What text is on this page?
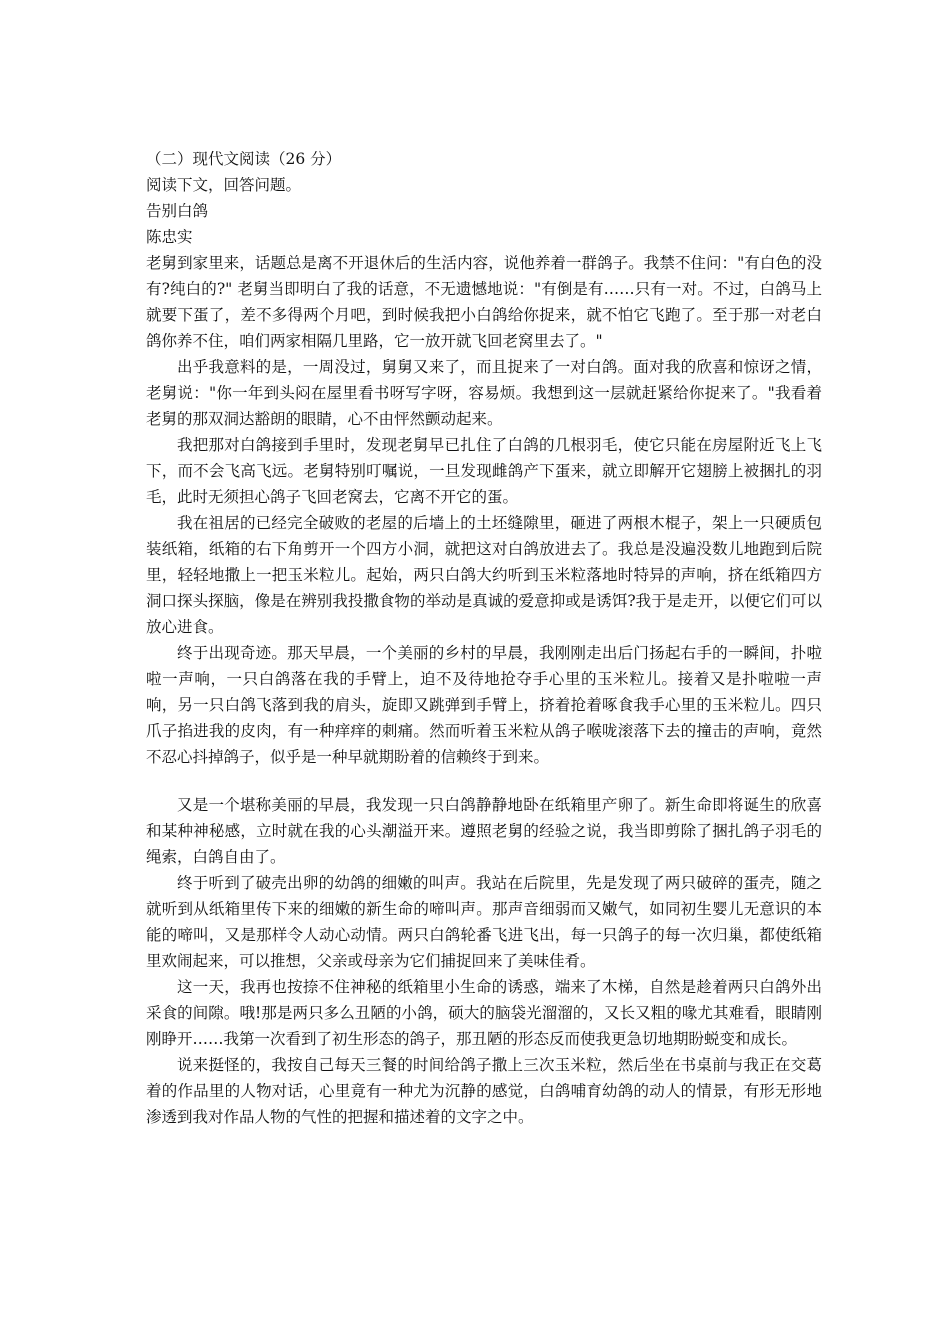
（二）现代文阅读（26 分）

阅读下文，回答问题。

告别白鸽

陈忠实

老舅到家里来，话题总是离不开退休后的生活内容，说他养着一群鸽子。我禁不住问："有白色的没有?纯白的?" 老舅当即明白了我的话意，不无遗憾地说："有倒是有……只有一对。不过，白鸽马上就要下蛋了，差不多得两个月吧，到时候我把小白鸽给你捉来，就不怕它飞跑了。至于那一对老白鸽你养不住，咱们两家相隔几里路，它一放开就飞回老窝里去了。"

出乎我意料的是，一周没过，舅舅又来了，而且捉来了一对白鸽。面对我的欣喜和惊讶之情，老舅说："你一年到头闷在屋里看书呀写字呀，容易烦。我想到这一层就赶紧给你捉来了。"我看着老舅的那双洞达豁朗的眼睛，心不由怦然颤动起来。

我把那对白鸽接到手里时，发现老舅早已扎住了白鸽的几根羽毛，使它只能在房屋附近飞上飞下，而不会飞高飞远。老舅特别叮嘱说，一旦发现雌鸽产下蛋来，就立即解开它翅膀上被捆扎的羽毛，此时无须担心鸽子飞回老窝去，它离不开它的蛋。

我在祖居的已经完全破败的老屋的后墙上的土坯缝隙里，砸进了两根木棍子，架上一只硬质包装纸箱，纸箱的右下角剪开一个四方小洞，就把这对白鸽放进去了。我总是没遍没数儿地跑到后院里，轻轻地撒上一把玉米粒儿。起始，两只白鸽大约听到玉米粒落地时特异的声响，挤在纸箱四方洞口探头探脑，像是在辨别我投撒食物的举动是真诚的爱意抑或是诱饵?我于是走开，以便它们可以放心进食。

终于出现奇迹。那天早晨，一个美丽的乡村的早晨，我刚刚走出后门扬起右手的一瞬间，扑啦啦一声响，一只白鸽落在我的手臂上，迫不及待地抢夺手心里的玉米粒儿。接着又是扑啦啦一声响，另一只白鸽飞落到我的肩头，旋即又跳弹到手臂上，挤着抢着啄食我手心里的玉米粒儿。四只爪子掐进我的皮肉，有一种痒痒的刺痛。然而听着玉米粒从鸽子喉咙滚落下去的撞击的声响，竟然不忍心抖掉鸽子，似乎是一种早就期盼着的信赖终于到来。

又是一个堪称美丽的早晨，我发现一只白鸽静静地卧在纸箱里产卵了。新生命即将诞生的欣喜和某种神秘感，立时就在我的心头潮溢开来。遵照老舅的经验之说，我当即剪除了捆扎鸽子羽毛的绳索，白鸽自由了。

终于听到了破壳出卵的幼鸽的细嫩的叫声。我站在后院里，先是发现了两只破碎的蛋壳，随之就听到从纸箱里传下来的细嫩的新生命的啼叫声。那声音细弱而又嫩气，如同初生婴儿无意识的本能的啼叫，又是那样令人动心动情。两只白鸽轮番飞进飞出，每一只鸽子的每一次归巢，都使纸箱里欢闹起来，可以推想，父亲或母亲为它们捕捉回来了美味佳肴。

这一天，我再也按捺不住神秘的纸箱里小生命的诱惑，端来了木梯，自然是趁着两只白鸽外出采食的间隙。哦!那是两只多么丑陋的小鸽，硕大的脑袋光溜溜的，又长又粗的喙尤其难看，眼睛刚刚睁开……我第一次看到了初生形态的鸽子，那丑陋的形态反而使我更急切地期盼蜕变和成长。

说来挺怪的，我按自己每天三餐的时间给鸽子撒上三次玉米粒，然后坐在书桌前与我正在交葛着的作品里的人物对话，心里竟有一种尤为沉静的感觉，白鸽哺育幼鸽的动人的情景，有形无形地渗透到我对作品人物的气性的把握和描述着的文字之中。
